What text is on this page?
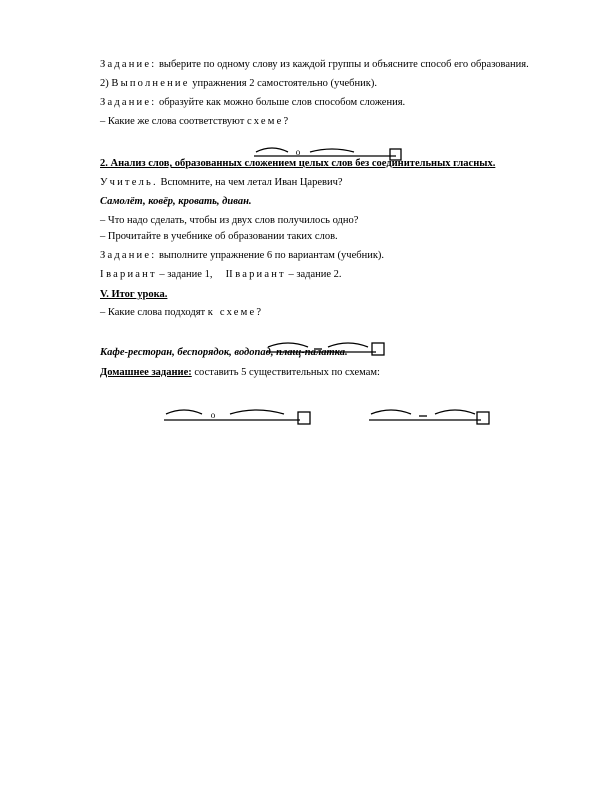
Задание: выберите по одному слову из каждой группы и объясните способ его образования.

2) Выполнение упражнения 2 самостоятельно (учебник).

Задание: образуйте как можно больше слов способом сложения.

– Какие же слова соответствуют схеме?

2. Анализ слов, образованных сложением целых слов без соединительных гласных.

Учитель. Вспомните, на чем летал Иван Царевич?

Самолёт, ковёр, кровать, диван.

– Что надо сделать, чтобы из двух слов получилось одно?

– Прочитайте в учебнике об образовании таких слов.

Задание: выполните упражнение 6 по вариантам (учебник).

I вариант – задание 1, II вариант – задание 2.

V. Итог урока.

– Какие слова подходят к схеме?

Кафе-ресторан, беспорядок, водопад, плащ-палатка.

Домашнее задание: составить 5 существительных по схемам:

о
о
